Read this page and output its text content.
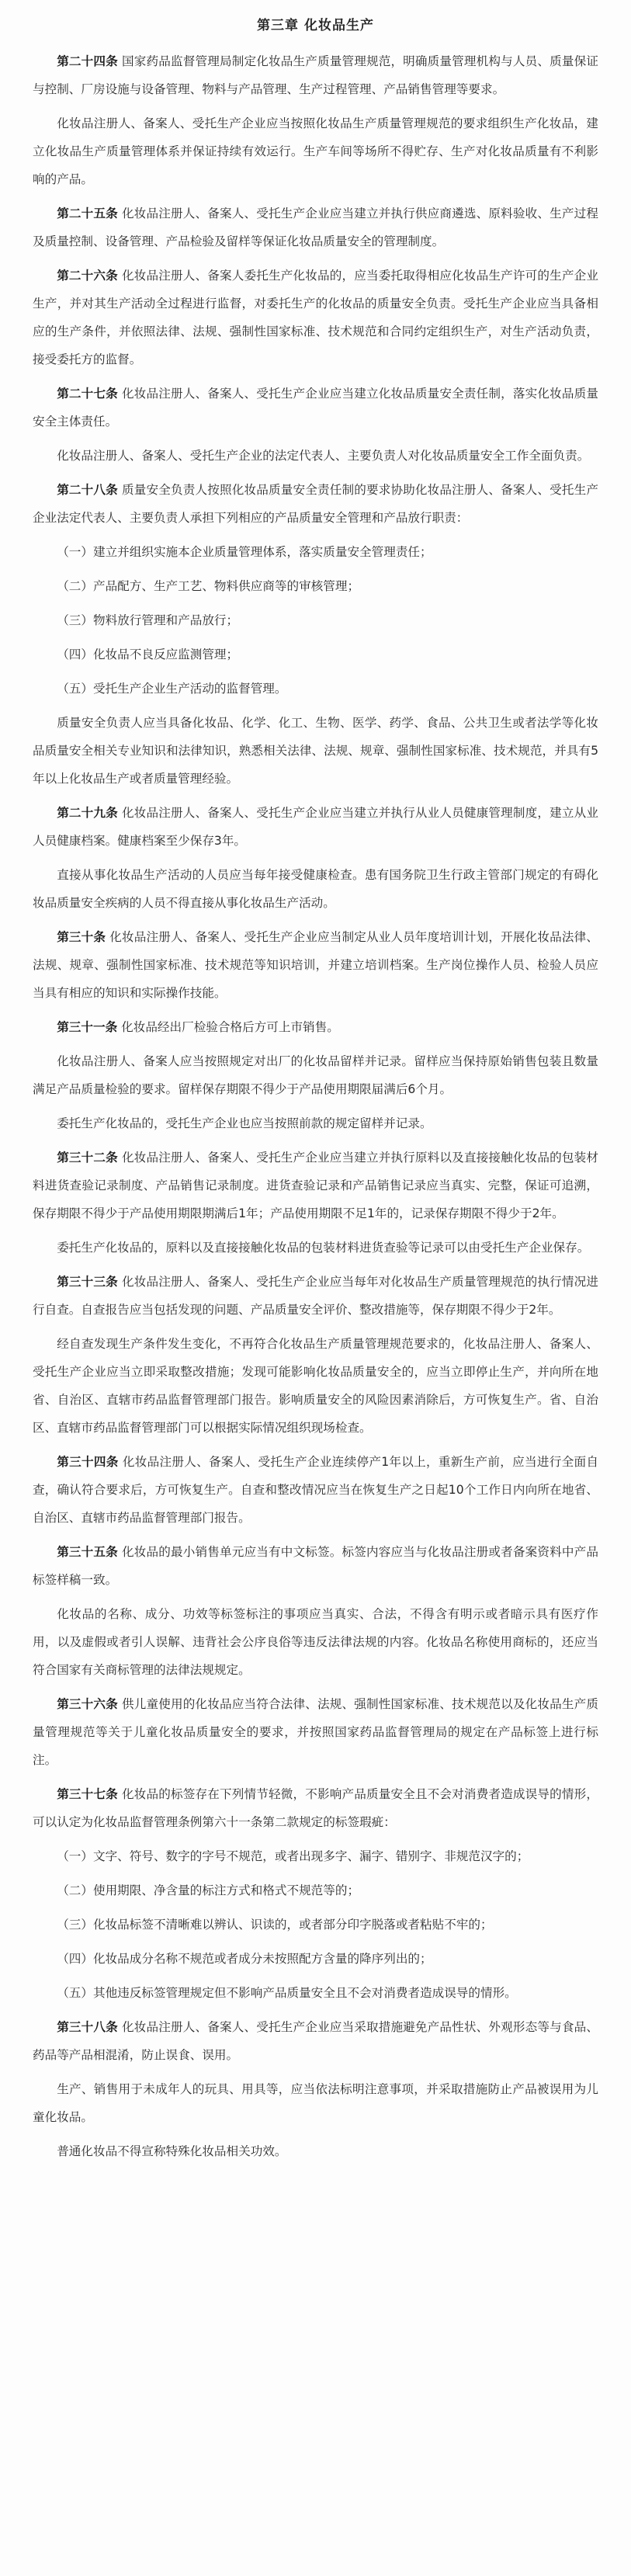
第三章 化妆品生产
第二十四条 国家药品监督管理局制定化妆品生产质量管理规范，明确质量管理机构与人员、质量保证与控制、厂房设施与设备管理、物料与产品管理、生产过程管理、产品销售管理等要求。
化妆品注册人、备案人、受托生产企业应当按照化妆品生产质量管理规范的要求组织生产化妆品，建立化妆品生产质量管理体系并保证持续有效运行。生产车间等场所不得贮存、生产对化妆品质量有不利影响的产品。
第二十五条 化妆品注册人、备案人、受托生产企业应当建立并执行供应商遴选、原料验收、生产过程及质量控制、设备管理、产品检验及留样等保证化妆品质量安全的管理制度。
第二十六条 化妆品注册人、备案人委托生产化妆品的，应当委托取得相应化妆品生产许可的生产企业生产，并对其生产活动全过程进行监督，对委托生产的化妆品的质量安全负责。受托生产企业应当具备相应的生产条件，并依照法律、法规、强制性国家标准、技术规范和合同约定组织生产，对生产活动负责，接受委托方的监督。
第二十七条 化妆品注册人、备案人、受托生产企业应当建立化妆品质量安全责任制，落实化妆品质量安全主体责任。
化妆品注册人、备案人、受托生产企业的法定代表人、主要负责人对化妆品质量安全工作全面负责。
第二十八条 质量安全负责人按照化妆品质量安全责任制的要求协助化妆品注册人、备案人、受托生产企业法定代表人、主要负责人承担下列相应的产品质量安全管理和产品放行职责：
（一）建立并组织实施本企业质量管理体系，落实质量安全管理责任；
（二）产品配方、生产工艺、物料供应商等的审核管理；
（三）物料放行管理和产品放行；
（四）化妆品不良反应监测管理；
（五）受托生产企业生产活动的监督管理。
质量安全负责人应当具备化妆品、化学、化工、生物、医学、药学、食品、公共卫生或者法学等化妆品质量安全相关专业知识和法律知识，熟悉相关法律、法规、规章、强制性国家标准、技术规范，并具有5年以上化妆品生产或者质量管理经验。
第二十九条 化妆品注册人、备案人、受托生产企业应当建立并执行从业人员健康管理制度，建立从业人员健康档案。健康档案至少保存3年。
直接从事化妆品生产活动的人员应当每年接受健康检查。患有国务院卫生行政主管部门规定的有碍化妆品质量安全疾病的人员不得直接从事化妆品生产活动。
第三十条 化妆品注册人、备案人、受托生产企业应当制定从业人员年度培训计划，开展化妆品法律、法规、规章、强制性国家标准、技术规范等知识培训，并建立培训档案。生产岗位操作人员、检验人员应当具有相应的知识和实际操作技能。
第三十一条 化妆品经出厂检验合格后方可上市销售。
化妆品注册人、备案人应当按照规定对出厂的化妆品留样并记录。留样应当保持原始销售包装且数量满足产品质量检验的要求。留样保存期限不得少于产品使用期限届满后6个月。
委托生产化妆品的，受托生产企业也应当按照前款的规定留样并记录。
第三十二条 化妆品注册人、备案人、受托生产企业应当建立并执行原料以及直接接触化妆品的包装材料进货查验记录制度、产品销售记录制度。进货查验记录和产品销售记录应当真实、完整，保证可追溯，保存期限不得少于产品使用期限期满后1年；产品使用期限不足1年的，记录保存期限不得少于2年。
委托生产化妆品的，原料以及直接接触化妆品的包装材料进货查验等记录可以由受托生产企业保存。
第三十三条 化妆品注册人、备案人、受托生产企业应当每年对化妆品生产质量管理规范的执行情况进行自查。自查报告应当包括发现的问题、产品质量安全评价、整改措施等，保存期限不得少于2年。
经自查发现生产条件发生变化，不再符合化妆品生产质量管理规范要求的，化妆品注册人、备案人、受托生产企业应当立即采取整改措施；发现可能影响化妆品质量安全的，应当立即停止生产，并向所在地省、自治区、直辖市药品监督管理部门报告。影响质量安全的风险因素消除后，方可恢复生产。省、自治区、直辖市药品监督管理部门可以根据实际情况组织现场检查。
第三十四条 化妆品注册人、备案人、受托生产企业连续停产1年以上，重新生产前，应当进行全面自查，确认符合要求后，方可恢复生产。自查和整改情况应当在恢复生产之日起10个工作日内向所在地省、自治区、直辖市药品监督管理部门报告。
第三十五条 化妆品的最小销售单元应当有中文标签。标签内容应当与化妆品注册或者备案资料中产品标签样稿一致。
化妆品的名称、成分、功效等标签标注的事项应当真实、合法，不得含有明示或者暗示具有医疗作用，以及虚假或者引人误解、违背社会公序良俗等违反法律法规的内容。化妆品名称使用商标的，还应当符合国家有关商标管理的法律法规规定。
第三十六条 供儿童使用的化妆品应当符合法律、法规、强制性国家标准、技术规范以及化妆品生产质量管理规范等关于儿童化妆品质量安全的要求，并按照国家药品监督管理局的规定在产品标签上进行标注。
第三十七条 化妆品的标签存在下列情节轻微，不影响产品质量安全且不会对消费者造成误导的情形，可以认定为化妆品监督管理条例第六十一条第二款规定的标签瑕疵：
（一）文字、符号、数字的字号不规范，或者出现多字、漏字、错别字、非规范汉字的；
（二）使用期限、净含量的标注方式和格式不规范等的；
（三）化妆品标签不清晰难以辨认、识读的，或者部分印字脱落或者粘贴不牢的；
（四）化妆品成分名称不规范或者成分未按照配方含量的降序列出的；
（五）其他违反标签管理规定但不影响产品质量安全且不会对消费者造成误导的情形。
第三十八条 化妆品注册人、备案人、受托生产企业应当采取措施避免产品性状、外观形态等与食品、药品等产品相混淆，防止误食、误用。
生产、销售用于未成年人的玩具、用具等，应当依法标明注意事项，并采取措施防止产品被误用为儿童化妆品。
普通化妆品不得宣称特殊化妆品相关功效。
